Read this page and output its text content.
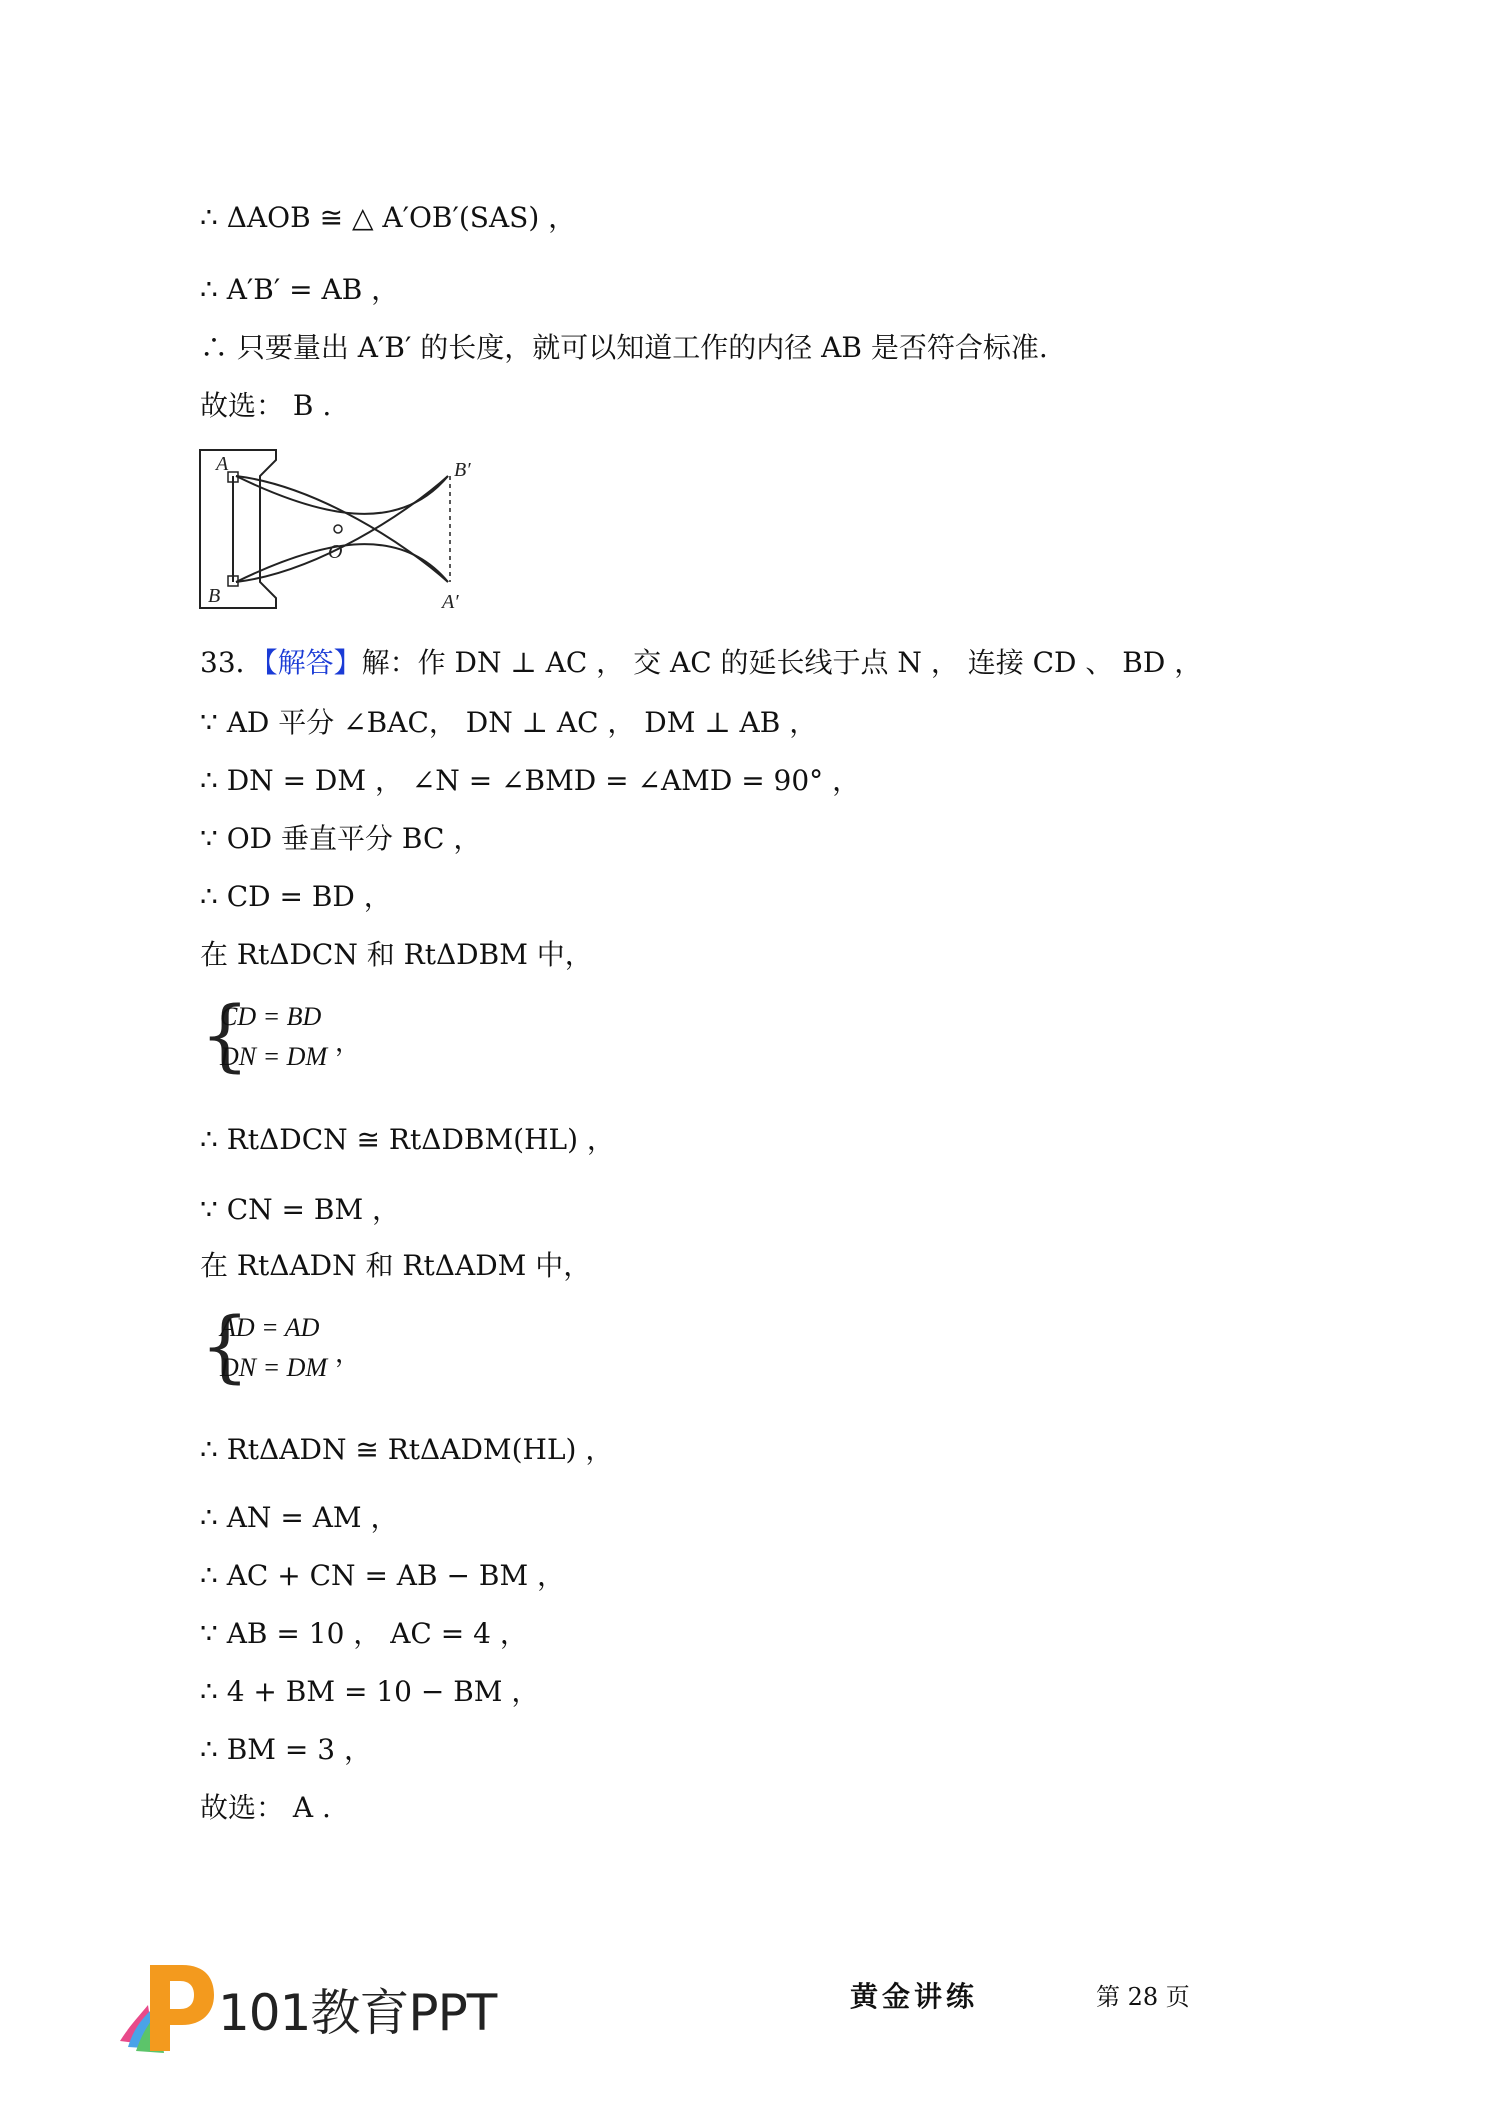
∴ ΔAOB ≅ △ A′OB′(SAS) ，
∴ A′B′ = AB ，
∴ 只要量出 A′B′ 的长度，就可以知道工作的内径 AB 是否符合标准.
故选： B .
A
B
O
B′
A′
33．【解答】解：作 DN ⊥ AC ， 交 AC 的延长线于点 N ， 连接 CD 、 BD ，
∵ AD 平分 ∠BAC， DN ⊥ AC ， DM ⊥ AB ，
∴ DN = DM ， ∠N = ∠BMD = ∠AMD = 90° ，
∵ OD 垂直平分 BC ，
∴ CD = BD ，
在 RtΔDCN 和 RtΔDBM 中，
{
CD = BD
DN = DM ，
∴ RtΔDCN ≅ RtΔDBM(HL) ，
∵ CN = BM ，
在 RtΔADN 和 RtΔADM 中，
{
AD = AD
DN = DM ，
∴ RtΔADN ≅ RtΔADM(HL) ，
∴ AN = AM ，
∴ AC + CN = AB − BM ，
∵ AB = 10 ， AC = 4 ，
∴ 4 + BM = 10 − BM ，
∴ BM = 3 ，
故选： A .
101教育PPT	黄金讲练	第 28 页
